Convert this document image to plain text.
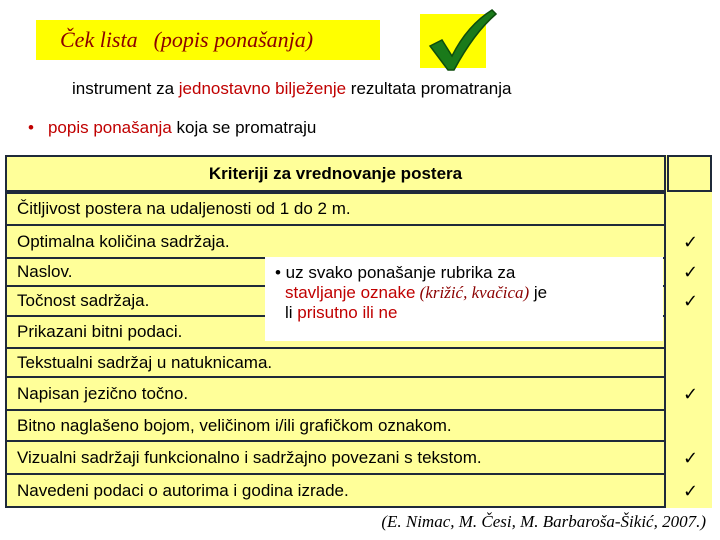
Ček lista (popis ponašanja)
instrument za jednostavno bilježenje rezultata promatranja
• popis ponašanja koja se promatraju
Kriteriji za vrednovanje postera
Čitljivost postera na udaljenosti od 1 do 2 m.
Optimalna količina sadržaja.	✓
Naslov.	✓
Točnost sadržaja.	✓
Prikazani bitni podaci.
Tekstualni sadržaj u natuknicama.
Napisan jezično točno.	✓
Bitno naglašeno bojom, veličinom i/ili grafičkom oznakom.
Vizualni sadržaji funkcionalno i sadržajno povezani s tekstom.	✓
Navedeni podaci o autorima i godina izrade.	✓
• uz svako ponašanje rubrika za
stavljanje oznake (križić, kvačica) je
li prisutno ili ne
(E. Nimac, M. Česi, M. Barbaroša-Šikić, 2007.)
